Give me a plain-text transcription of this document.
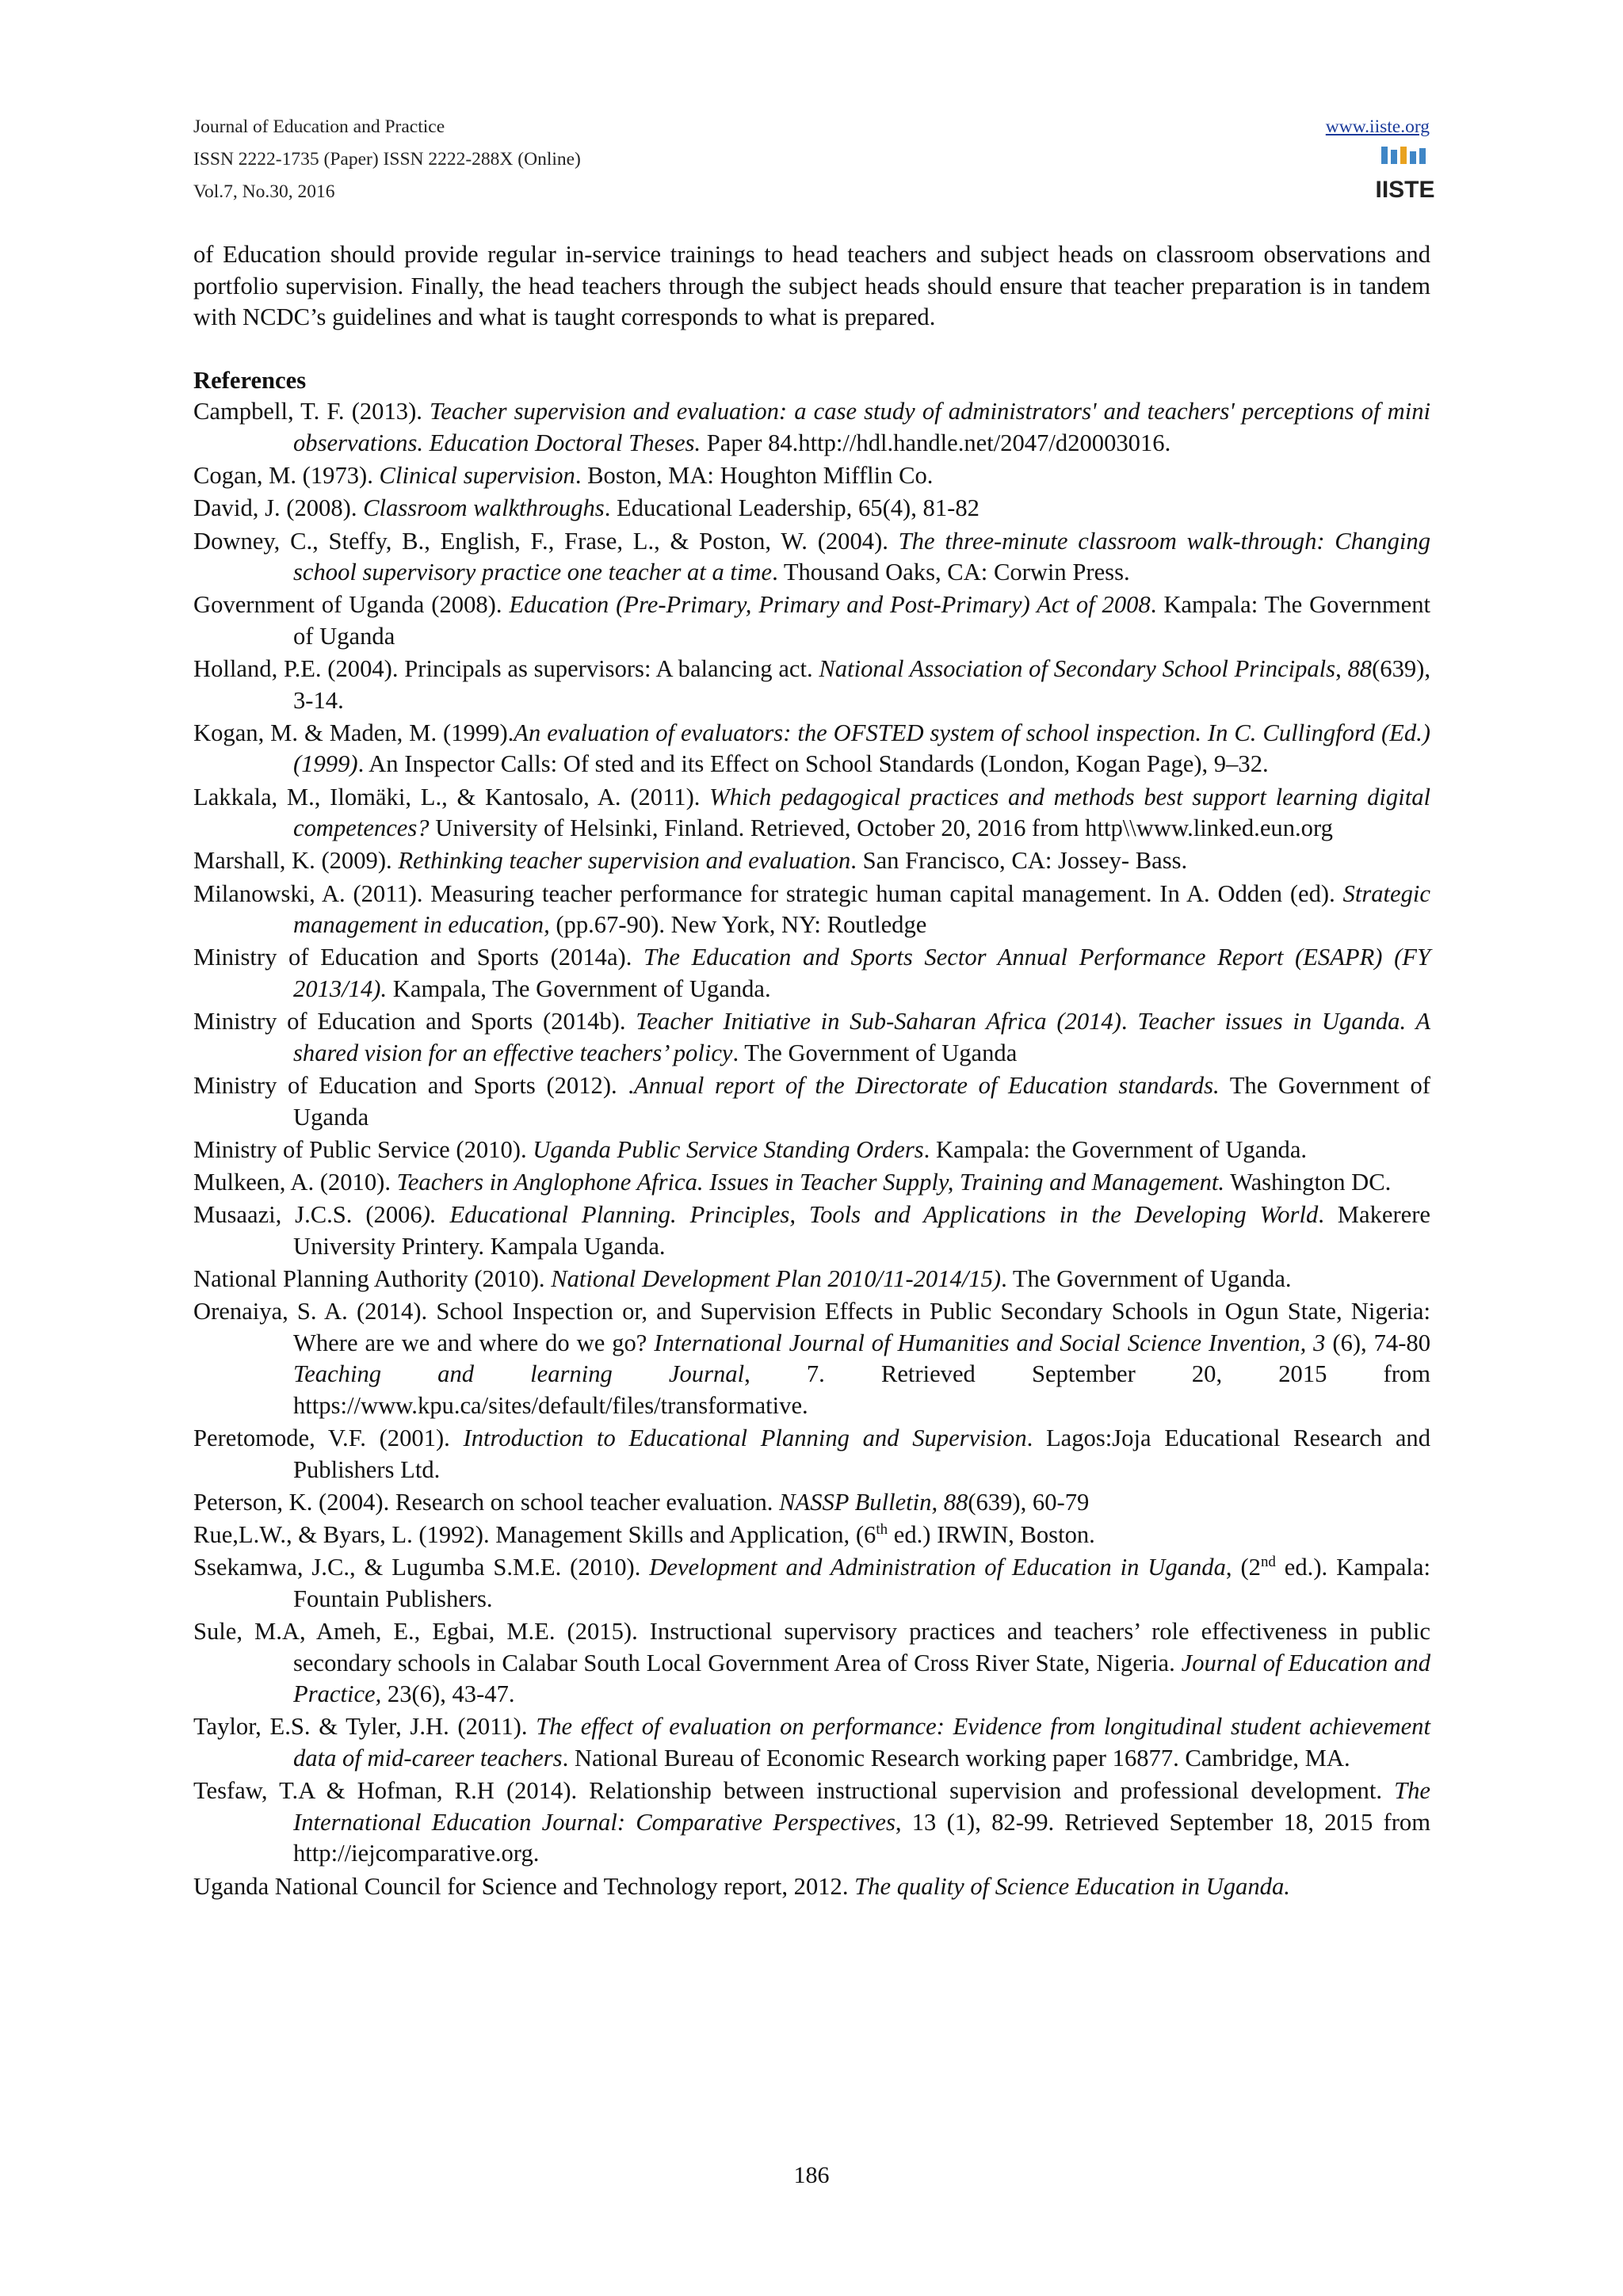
Journal of Education and Practice
ISSN 2222-1735 (Paper) ISSN 2222-288X (Online)
Vol.7, No.30, 2016
www.iiste.org
IISTE

of Education should provide regular in-service trainings to head teachers and subject heads on classroom observations and portfolio supervision. Finally, the head teachers through the subject heads should ensure that teacher preparation is in tandem with NCDC’s guidelines and what is taught corresponds to what is prepared.

References

Campbell, T. F. (2013). Teacher supervision and evaluation: a case study of administrators' and teachers' perceptions of mini observations. Education Doctoral Theses. Paper 84.http://hdl.handle.net/2047/d20003016.
Cogan, M. (1973). Clinical supervision. Boston, MA: Houghton Mifflin Co.
David, J. (2008). Classroom walkthroughs. Educational Leadership, 65(4), 81-82
Downey, C., Steffy, B., English, F., Frase, L., & Poston, W. (2004). The three-minute classroom walk-through: Changing school supervisory practice one teacher at a time. Thousand Oaks, CA: Corwin Press.
Government of Uganda (2008). Education (Pre-Primary, Primary and Post-Primary) Act of 2008. Kampala: The Government of Uganda
Holland, P.E. (2004). Principals as supervisors: A balancing act. National Association of Secondary School Principals, 88(639), 3-14.
Kogan, M. & Maden, M. (1999).An evaluation of evaluators: the OFSTED system of school inspection. In C. Cullingford (Ed.) (1999). An Inspector Calls: Of sted and its Effect on School Standards (London, Kogan Page), 9–32.
Lakkala, M., Ilomäki, L., & Kantosalo, A. (2011). Which pedagogical practices and methods best support learning digital competences? University of Helsinki, Finland. Retrieved, October 20, 2016 from http\\www.linked.eun.org
Marshall, K. (2009). Rethinking teacher supervision and evaluation. San Francisco, CA: Jossey- Bass.
Milanowski, A. (2011). Measuring teacher performance for strategic human capital management. In A. Odden (ed). Strategic management in education, (pp.67-90). New York, NY: Routledge
Ministry of Education and Sports (2014a). The Education and Sports Sector Annual Performance Report (ESAPR) (FY 2013/14). Kampala, The Government of Uganda.
Ministry of Education and Sports (2014b). Teacher Initiative in Sub-Saharan Africa (2014). Teacher issues in Uganda. A shared vision for an effective teachers’ policy. The Government of Uganda
Ministry of Education and Sports (2012). .Annual report of the Directorate of Education standards. The Government of Uganda
Ministry of Public Service (2010). Uganda Public Service Standing Orders. Kampala: the Government of Uganda.
Mulkeen, A. (2010). Teachers in Anglophone Africa. Issues in Teacher Supply, Training and Management. Washington DC.
Musaazi, J.C.S. (2006). Educational Planning. Principles, Tools and Applications in the Developing World. Makerere University Printery. Kampala Uganda.
National Planning Authority (2010). National Development Plan 2010/11-2014/15). The Government of Uganda.
Orenaiya, S. A. (2014). School Inspection or, and Supervision Effects in Public Secondary Schools in Ogun State, Nigeria: Where are we and where do we go? International Journal of Humanities and Social Science Invention, 3 (6), 74-80 Teaching and learning Journal, 7. Retrieved September 20, 2015 from https://www.kpu.ca/sites/default/files/transformative.
Peretomode, V.F. (2001). Introduction to Educational Planning and Supervision. Lagos:Joja Educational Research and Publishers Ltd.
Peterson, K. (2004). Research on school teacher evaluation. NASSP Bulletin, 88(639), 60-79
Rue,L.W., & Byars, L. (1992). Management Skills and Application, (6th ed.) IRWIN, Boston.
Ssekamwa, J.C., & Lugumba S.M.E. (2010). Development and Administration of Education in Uganda, (2nd ed.). Kampala: Fountain Publishers.
Sule, M.A, Ameh, E., Egbai, M.E. (2015). Instructional supervisory practices and teachers’ role effectiveness in public secondary schools in Calabar South Local Government Area of Cross River State, Nigeria. Journal of Education and Practice, 23(6), 43-47.
Taylor, E.S. & Tyler, J.H. (2011). The effect of evaluation on performance: Evidence from longitudinal student achievement data of mid-career teachers. National Bureau of Economic Research working paper 16877. Cambridge, MA.
Tesfaw, T.A & Hofman, R.H (2014). Relationship between instructional supervision and professional development. The International Education Journal: Comparative Perspectives, 13 (1), 82-99. Retrieved September 18, 2015 from http://iejcomparative.org.
Uganda National Council for Science and Technology report, 2012. The quality of Science Education in Uganda.
186
